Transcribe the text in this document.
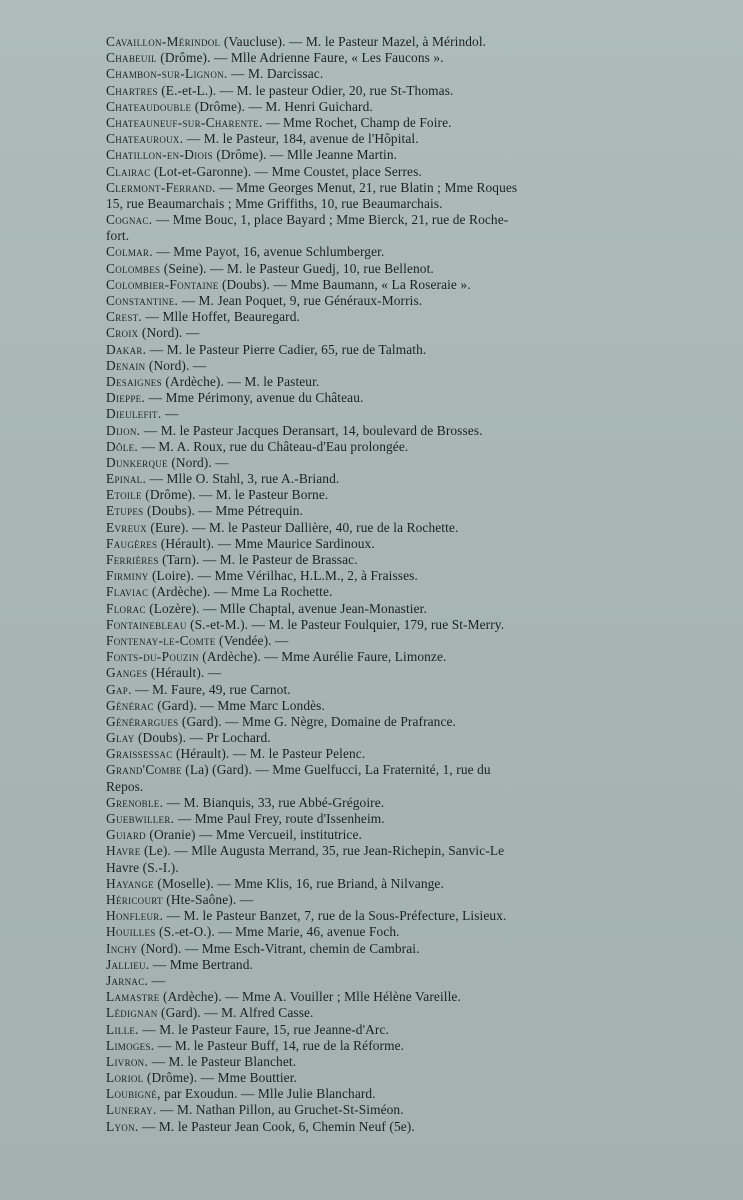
Cavaillon-Mérindol (Vaucluse). — M. le Pasteur Mazel, à Mérindol.
Chabeuil (Drôme). — Mlle Adrienne Faure, « Les Faucons ».
Chambon-sur-Lignon. — M. Darcissac.
Chartres (E.-et-L.). — M. le pasteur Odier, 20, rue St-Thomas.
Chateaudouble (Drôme). — M. Henri Guichard.
Chateauneuf-sur-Charente. — Mme Rochet, Champ de Foire.
Chateauroux. — M. le Pasteur, 184, avenue de l'Hôpital.
Chatillon-en-Diois (Drôme). — Mlle Jeanne Martin.
Clairac (Lot-et-Garonne). — Mme Coustet, place Serres.
Clermont-Ferrand. — Mme Georges Menut, 21, rue Blatin ; Mme Roques
15, rue Beaumarchais ; Mme Griffiths, 10, rue Beaumarchais.
Cognac. — Mme Bouc, 1, place Bayard ; Mme Bierck, 21, rue de Roche-
fort.
Colmar. — Mme Payot, 16, avenue Schlumberger.
Colombes (Seine). — M. le Pasteur Guedj, 10, rue Bellenot.
Colombier-Fontaine (Doubs). — Mme Baumann, « La Roseraie ».
Constantine. — M. Jean Poquet, 9, rue Généraux-Morris.
Crest. — Mlle Hoffet, Beauregard.
Croix (Nord). —
Dakar. — M. le Pasteur Pierre Cadier, 65, rue de Talmath.
Denain (Nord). —
Desaignes (Ardèche). — M. le Pasteur.
Dieppe. — Mme Périmony, avenue du Château.
Dieulefit. —
Dijon. — M. le Pasteur Jacques Deransart, 14, boulevard de Brosses.
Dôle. — M. A. Roux, rue du Château-d'Eau prolongée.
Dunkerque (Nord). —
Epinal. — Mlle O. Stahl, 3, rue A.-Briand.
Etoile (Drôme). — M. le Pasteur Borne.
Etupes (Doubs). — Mme Pétrequin.
Evreux (Eure). — M. le Pasteur Dallière, 40, rue de la Rochette.
Faugères (Hérault). — Mme Maurice Sardinoux.
Ferrières (Tarn). — M. le Pasteur de Brassac.
Firminy (Loire). — Mme Vérilhac, H.L.M., 2, à Fraisses.
Flaviac (Ardèche). — Mme La Rochette.
Florac (Lozère). — Mlle Chaptal, avenue Jean-Monastier.
Fontainebleau (S.-et-M.). — M. le Pasteur Foulquier, 179, rue St-Merry.
Fontenay-le-Comte (Vendée). —
Fonts-du-Pouzin (Ardèche). — Mme Aurélie Faure, Limonze.
Ganges (Hérault). —
Gap. — M. Faure, 49, rue Carnot.
Générac (Gard). — Mme Marc Londès.
Générargues (Gard). — Mme G. Nègre, Domaine de Prafrance.
Glay (Doubs). — Pr Lochard.
Graissessac (Hérault). — M. le Pasteur Pelenc.
Grand'Combe (La) (Gard). — Mme Guelfucci, La Fraternité, 1, rue du
Repos.
Grenoble. — M. Bianquis, 33, rue Abbé-Grégoire.
Guebwiller. — Mme Paul Frey, route d'Issenheim.
Guiard (Oranie) — Mme Vercueil, institutrice.
Havre (Le). — Mlle Augusta Merrand, 35, rue Jean-Richepin, Sanvic-Le
Havre (S.-I.).
Hayange (Moselle). — Mme Klis, 16, rue Briand, à Nilvange.
Héricourt (Hte-Saône). —
Honfleur. — M. le Pasteur Banzet, 7, rue de la Sous-Préfecture, Lisieux.
Houilles (S.-et-O.). — Mme Marie, 46, avenue Foch.
Inchy (Nord). — Mme Esch-Vitrant, chemin de Cambrai.
Jallieu. — Mme Bertrand.
Jarnac. —
Lamastre (Ardèche). — Mme A. Vouiller ; Mlle Hélène Vareille.
Lédignan (Gard). — M. Alfred Casse.
Lille. — M. le Pasteur Faure, 15, rue Jeanne-d'Arc.
Limoges. — M. le Pasteur Buff, 14, rue de la Réforme.
Livron. — M. le Pasteur Blanchet.
Loriol (Drôme). — Mme Bouttier.
Loubigné, par Exoudun. — Mlle Julie Blanchard.
Luneray. — M. Nathan Pillon, au Gruchet-St-Siméon.
Lyon. — M. le Pasteur Jean Cook, 6, Chemin Neuf (5e).
